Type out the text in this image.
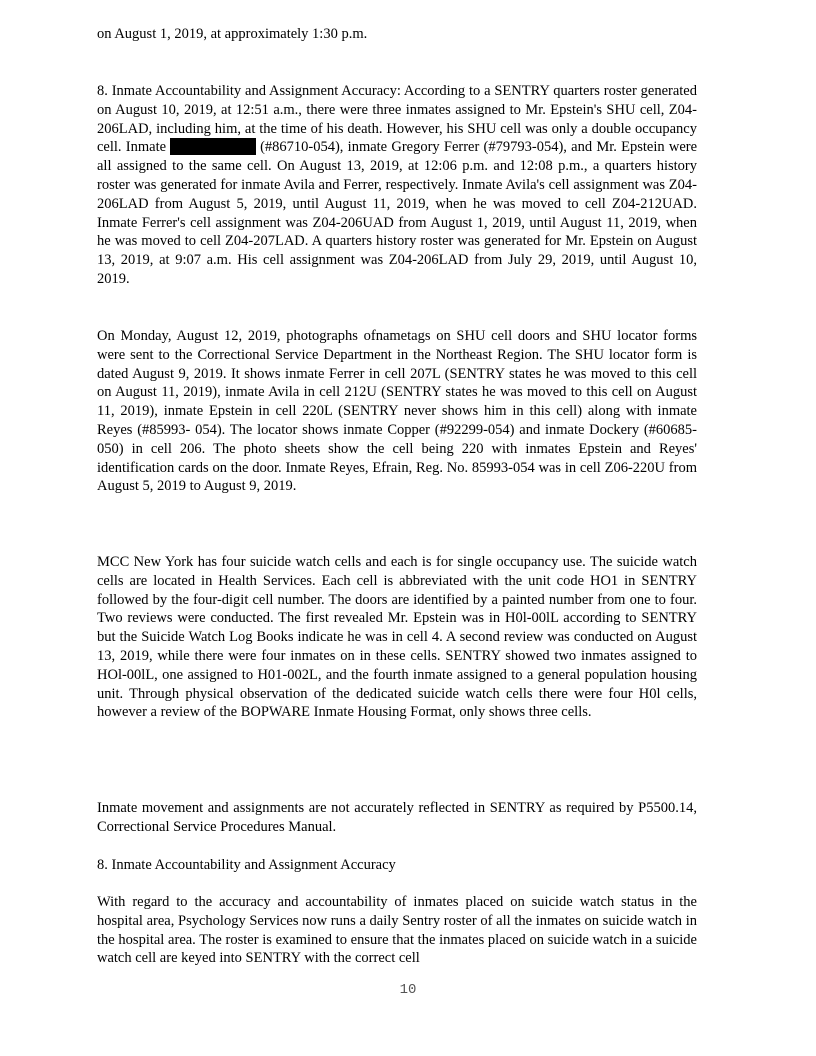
on August 1, 2019, at approximately 1:30 p.m.

8. Inmate Accountability and Assignment Accuracy: According to a SENTRY quarters roster generated on August 10, 2019, at 12:51 a.m., there were three inmates assigned to Mr. Epstein's SHU cell, Z04-206LAD, including him, at the time of his death. However, his SHU cell was only a double occupancy cell. Inmate	(#86710-054), inmate Gregory Ferrer (#79793-054), and Mr. Epstein were all assigned to the same cell. On August 13, 2019, at 12:06 p.m. and 12:08 p.m., a quarters history roster was generated for inmate Avila and Ferrer, respectively. Inmate Avila's cell assignment was Z04-206LAD from August 5, 2019, until August 11, 2019, when he was moved to cell Z04-212UAD. Inmate Ferrer's cell assignment was Z04-206UAD from August 1, 2019, until August 11, 2019, when he was moved to cell Z04-207LAD. A quarters history roster was generated for Mr. Epstein on August 13, 2019, at 9:07 a.m. His cell assignment was Z04-206LAD from July 29, 2019, until August 10, 2019.

On Monday, August 12, 2019, photographs ofnametags on SHU cell doors and SHU locator forms were sent to the Correctional Service Department in the Northeast Region. The SHU locator form is dated August 9, 2019. It shows inmate Ferrer in cell 207L (SENTRY states he was moved to this cell on August 11, 2019), inmate Avila in cell 212U (SENTRY states he was moved to this cell on August 11, 2019), inmate Epstein in cell 220L (SENTRY never shows him in this cell) along with inmate Reyes (#85993- 054). The locator shows inmate Copper (#92299-054) and inmate Dockery (#60685-050) in cell 206. The photo sheets show the cell being 220 with inmates Epstein and Reyes' identification cards on the door. Inmate Reyes, Efrain, Reg. No. 85993-054 was in cell Z06-220U from August 5, 2019 to August 9, 2019.

MCC New York has four suicide watch cells and each is for single occupancy use. The suicide watch cells are located in Health Services. Each cell is abbreviated with the unit code HO1 in SENTRY followed by the four-digit cell number. The doors are identified by a painted number from one to four. Two reviews were conducted. The first revealed Mr. Epstein was in H0l-00lL according to SENTRY but the Suicide Watch Log Books indicate he was in cell 4. A second review was conducted on August 13, 2019, while there were four inmates on in these cells. SENTRY showed two inmates assigned to HOl-00lL, one assigned to H01-002L, and the fourth inmate assigned to a general population housing unit. Through physical observation of the dedicated suicide watch cells there were four H0l cells, however a review of the BOPWARE Inmate Housing Format, only shows three cells.

Inmate movement and assignments are not accurately reflected in SENTRY as required by P5500.14, Correctional Service Procedures Manual.

8. Inmate Accountability and Assignment Accuracy

With regard to the accuracy and accountability of inmates placed on suicide watch status in the hospital area, Psychology Services now runs a daily Sentry roster of all the inmates on suicide watch in the hospital area. The roster is examined to ensure that the inmates placed on suicide watch in a suicide watch cell are keyed into SENTRY with the correct cell

10
